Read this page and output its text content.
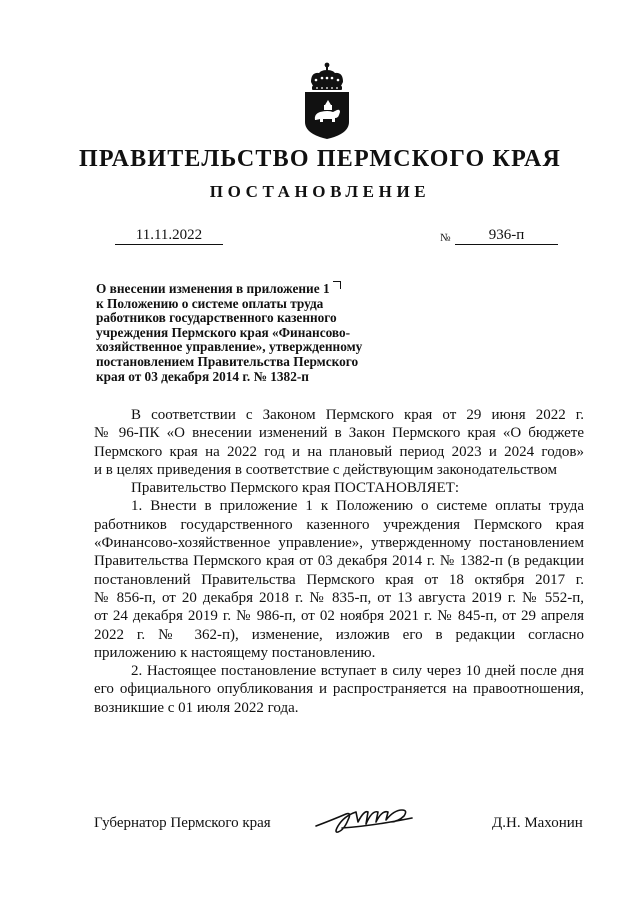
ПРАВИТЕЛЬСТВО ПЕРМСКОГО КРАЯ
ПОСТАНОВЛЕНИЕ
11.11.2022	№	936-п
О внесении изменения в приложение 1
к Положению о системе оплаты труда
работников государственного казенного
учреждения Пермского края «Финансово-
хозяйственное управление», утвержденному
постановлением Правительства Пермского
края от 03 декабря 2014 г. № 1382-п
В соответствии с Законом Пермского края от 29 июня 2022 г.
№ 96-ПК «О внесении изменений в Закон Пермского края «О бюджете
Пермского края на 2022 год и на плановый период 2023 и 2024 годов»
и в целях приведения в соответствие с действующим законодательством
Правительство Пермского края ПОСТАНОВЛЯЕТ:
1. Внести в приложение 1 к Положению о системе оплаты труда
работников государственного казенного учреждения Пермского края
«Финансово-хозяйственное управление», утвержденному постановлением
Правительства Пермского края от 03 декабря 2014 г. № 1382-п (в редакции
постановлений Правительства Пермского края от 18 октября 2017 г.
№ 856-п, от 20 декабря 2018 г. № 835-п, от 13 августа 2019 г. № 552-п,
от 24 декабря 2019 г. № 986-п, от 02 ноября 2021 г. № 845-п, от 29 апреля
2022 г. № 362-п), изменение, изложив его в редакции согласно
приложению к настоящему постановлению.
2. Настоящее постановление вступает в силу через 10 дней после дня
его официального опубликования и распространяется на правоотношения,
возникшие с 01 июля 2022 года.
Губернатор Пермского края	Д.Н. Махонин
